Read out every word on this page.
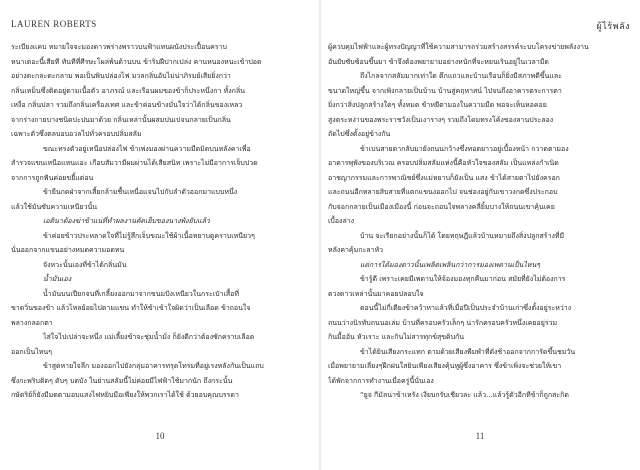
LAUREN ROBERTS
ระเบียงแคบ หมายใจจะมองดาวพร่างพราวบนฟ้าแทนผนังประเปื้อนคราบ
หนาเตอะนี้เสียที ทันทีที่ศีรษะโผล่พ้นด้านบน ข้าริมฝีปากเปล่ง คานหนองหนะเข้าปอด
อย่างตะกละตะกลาม พอเป็นพินปล่องไฟ มวลกลิ่นอับไม่น่าภิรมย์เสียยิ่งกว่า
กลิ่นเหม็นซึ่งติดอยู่ตามเนื้อตัว อาภรณ์ และเรือนผมของข้าก็ประหนึ่งกา ทั้งกลิ่น
เหงื่อ กลิ่นปลา รวมถึงกลิ่นเครื่องเทศ และข้าค่อนข้างมั่นใจว่าได้กลิ่นของเหลว
จากร่างกายบางชนิดปะปนมาด้วย กลิ่นเหล่านั้นผสมปนเปจนกลายเป็นกลิ่น
เฉพาะตัวซึ่งตลบอบอวลไปทั่วครอบปลิ่มสลัม
ขณะทรงตัวอยู่เหนือปล่องไฟ ข้าเพ่งมองผ่านความมืดมิดบนหลังคาเพื่อ
สำรวจแขนเหนือแหนแอะ เกือบสัมวามีผมผ่านได้เสียสนิท เพราะไม่มีอาการเจ็บปวด
จากการถูกฟันค่อยขยี้แต่อน
ข้ายืนกดฝ่าจากเสี้ยกล้ามชื้นเหนื่อแจนไปกับลำตัวออกมาแบบหนึ่ง
แล้วใช้มันซับความเหนียวนั้น
เอดินาต้องฆ่าข้าแน่ที่ทำผลงานคัดเย็บของนางพังยับแล้ว
ข้าค่อยข้าวประหลาดใจที่ไม่รู้สึกเจ็บขณะใช้ผ้าเนื้อหยาบดูคราบเหนียวๆ
นั่นออกจากแขนอย่างหมดความอดทน
จังหวะนั้นเองที่ข้าได้กลิ่นมัน
น้ำมันเอง
น้ำมันบนเปียกจนที่เกลี้ยงออกมาจากขนมปังเหนียวในกระเป๋าเสื้อที่
ขาดวิ่นของข้า แล้วไหลย้อยไปตามแขน ทำให้ข้าเข้าใจผิดว่าเป็นเลือด ข้าถอนใจ
พลางกลอกตา
ไส่ใจไปเปล่าจะหนึ่ง แม่เลี้ยงข้าจะชุ่มน้ำมั่ง ก็ยังดีกว่าต้องซักคราบเลือด
ออกเป็นไหนๆ
ข้าสูดหายใจลึก มองออกไปยังกลุ่มอาคารทรุดโทรมที่อยู่เรงหลังกันเป็นแถบ
ซึ่งกะพริบติดๆ ดับๆ บดบัง ในย่านสลัมนี้ไม่ค่อยมีไฟฟ้าใช้มากนัก ถึงกระนั้น
กษัตริย์ก็ยังมีมดตามอบแสงไฟหยิบมือเพียงให้พวกเราได้ใช้ ด้วยอบคุณบรรดา
10
ผู้ไร้พลัง
ผู้ควบคุมไฟฟ้าและผู้ทรงปัญญาที่ใช้ความสามารถร่วมสร้างสรรค์ระบบโครงข่ายพลังงาน
อันยับซับซ้อนขึ้นมา ข้าจึงต้องพยายามอย่างหนักที่จะหยนเรินอยู่ในเวลามืด
ถึงไกลจากสลัมมากเท่าใด ตึกแถวและบ้านเรือนก็ยิ่งมีสภาพดีขึ้นและ
ขนาดใหญ่ขึ้น จากเพิงกลายเป็นบ้าน บ้านสู่คฤหาสน์ ไปจนถึงอาคารตระการตา
ยิ่งกว่าสิ่งปลูกสร้างใดๆ ทั้งหมด ข้าหยีตามองในความมืด พอจะเห็นหอคอย
สูงตระหง่านของพระราชวังเป็นเงารางๆ รวมถึงโดมทรงโค้งของลานประลอง
ถัดไปซึ่งตั้งอยู่ข้างกัน
ข้าเบนสายตากลับมายังถนนกว้างซึ่งทอดยาวอยู่เบื้องหน้า กวาดตามอง
อาคารพุพังของบริเวณ ครอบปลิ่มสลัมแห่งนี้คือหัวใจของสลัม เป็นแหล่งกำเนิด
อาชญากรรมและการพาณิชย์ซึ่งแม่หยาบก็ยังเป็น แสง ข้าได้สายตาไปยังครอก
และถนนอีกหลายสิบสายที่แตกแขนงออกไป จนช่องอยู่กับเขาวงกตซึ่งประกอบ
กับจอกกลายเป็นเมืองเมืองนี้ ก่อนจะถอนใจพลางคลี่ยิ้มบางให้ถนนเขาคุ้นเคย
เบื้องล่าง
บ้าน จะเรียกอย่างนั้นก็ได้ โดยทฤษฎีแล้วบ้านหมายถึงสิ่งปลูกสร้างที่มี
หลังคาคุ้มกะลาหัว
แต่การได้มองดาวนั้นเพลิดเพลินกว่าการมองเพดานเป็นไหนๆ
ข้ารู้ดี เพราะเคยมีเพดานให้จ้องมองทุกคืนมาก่อน สมัยที่ยังไม่ต้องการ
ดวงดาวเหล่านั้นมาคอยปลอบใจ
ตอนนี้ไม่กี่เตียงข้าคว้าหาแล้วที่เมื่อปีเป็นประจำบ้านเก่าซึ่งตั้งอยู่ระหว่าง
ถนนว่างนิรทับถนนอเล่ม บ้านที่ครอบครัวเล็กๆ น่ารักครอบครัวหนึ่งเคยอยู่ร่วม
กินมื้ออัน หัวเราะ และกินไม่สารทุกข์สุขดิบกัน
ข้าได้ยินเสียงกระแทก ตามด้วยเสียงพืมพำที่ดังช้าออกจากการัดขึ้นชมวัน
เมื่อพยายามเลี่ยงๆฝึกฝนใสยินเพียงเสียงคุ้นหูผู้ซึ่งอาคาร ซึ่งข้าเพิ่งจะช่วยให้เขา
ได้พักจากการทำงานเมื่อครู่นี้นั่นเอง
“ยูจ กีมัลน่าข้าเหรัง เงียบกรับเชียวละ แล้ว...แล้วรู้ตัวอีกทีข้าก็ถูกสะกิด
11
